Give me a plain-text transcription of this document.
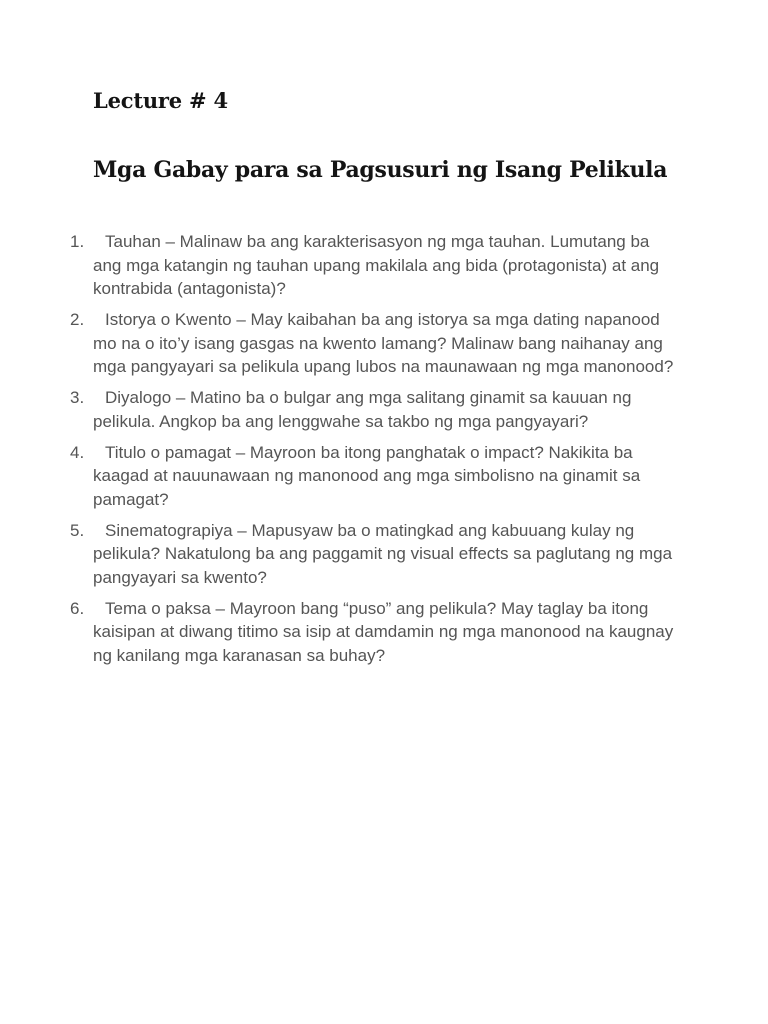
Lecture # 4
Mga Gabay para sa Pagsusuri ng Isang Pelikula
1.	Tauhan – Malinaw ba ang karakterisasyon ng mga tauhan. Lumutang ba ang mga katangin ng tauhan upang makilala ang bida (protagonista) at ang kontrabida (antagonista)?
2.	Istorya o Kwento – May kaibahan ba ang istorya sa mga dating napanood mo na o ito’y isang gasgas na kwento lamang? Malinaw bang naihanay ang mga pangyayari sa pelikula upang lubos na maunawaan ng mga manonood?
3.	Diyalogo – Matino ba o bulgar ang mga salitang ginamit sa kauuan ng pelikula. Angkop ba ang lenggwahe sa takbo ng mga pangyayari?
4.	Titulo o pamagat – Mayroon ba itong panghatak o impact? Nakikita ba kaagad at nauunawaan ng manonood ang mga simbolisno na ginamit sa pamagat?
5.	Sinematograpiya – Mapusyaw ba o matingkad ang kabuuang kulay ng pelikula? Nakatulong ba ang paggamit ng visual effects sa paglutang ng mga pangyayari sa kwento?
6.	Tema o paksa – Mayroon bang “puso” ang pelikula? May taglay ba itong kaisipan at diwang titimo sa isip at damdamin ng mga manonood na kaugnay ng kanilang mga karanasan sa buhay?
